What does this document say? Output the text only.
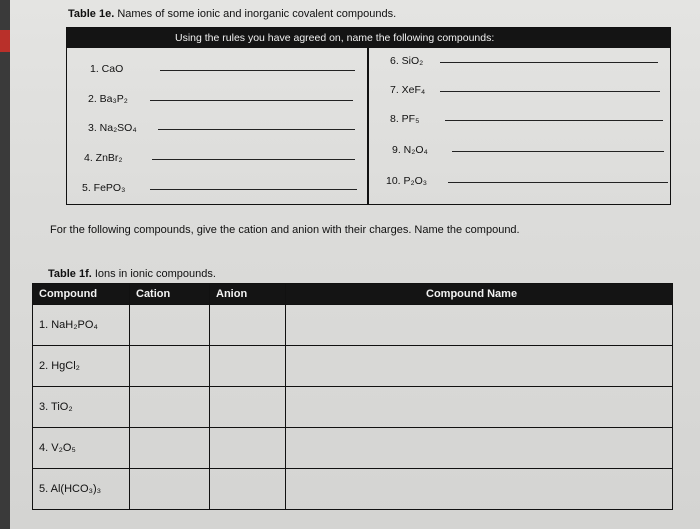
Table 1e. Names of some ionic and inorganic covalent compounds.
Using the rules you have agreed on, name the following compounds:
1. CaO
2. Ba₃P₂
3. Na₂SO₄
4. ZnBr₂
5. FePO₃
6. SiO₂
7. XeF₄
8. PF₅
9. N₂O₄
10. P₂O₃
For the following compounds, give the cation and anion with their charges. Name the compound.
Table 1f. Ions in ionic compounds.
Compound	Cation	Anion	Compound Name
1. NaH₂PO₄			
2. HgCl₂			
3. TiO₂			
4. V₂O₅			
5. Al(HCO₃)₃			
